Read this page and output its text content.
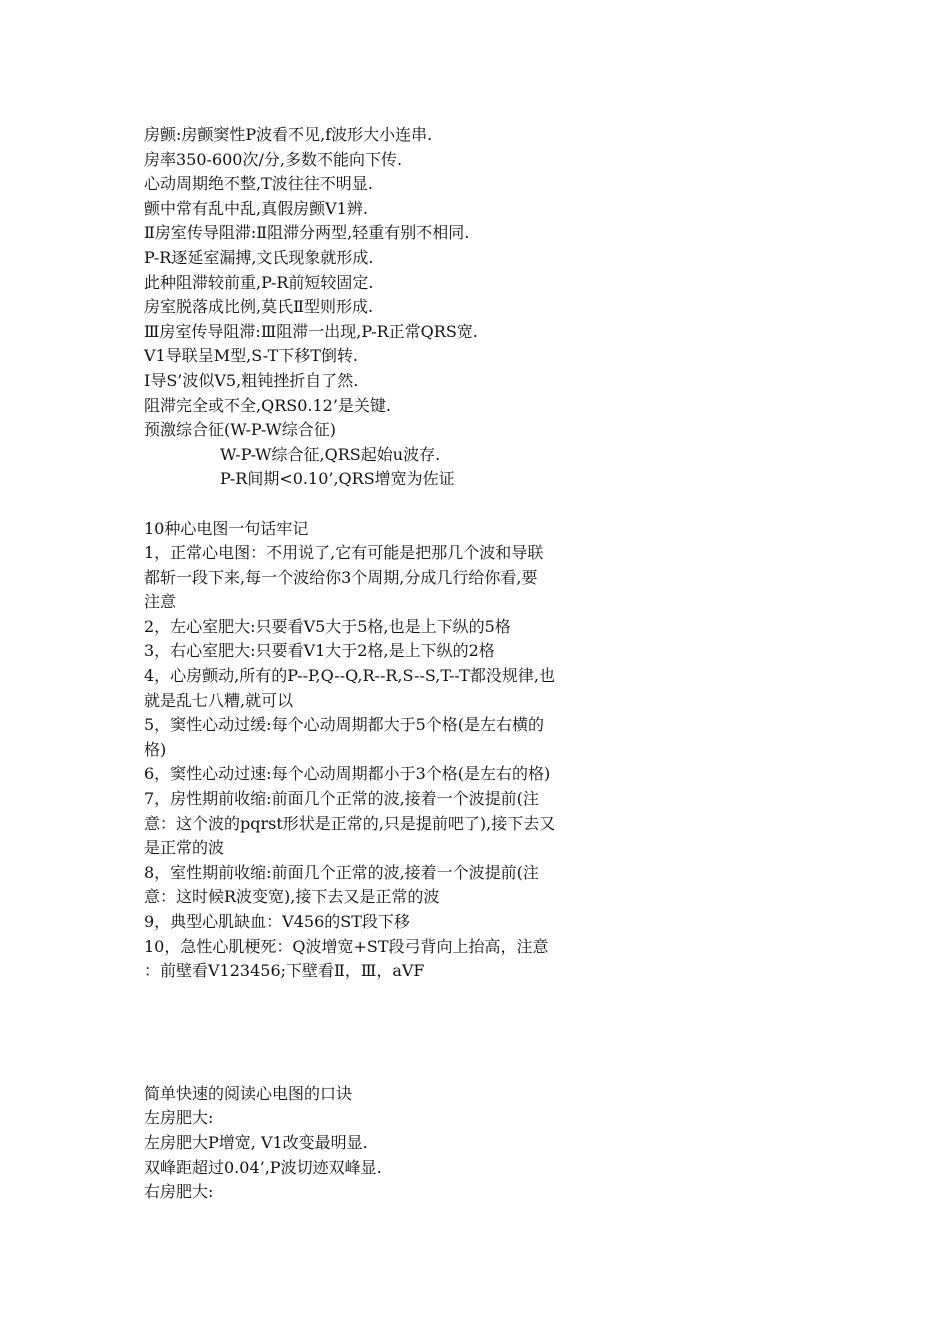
房颤:房颤窦性P波看不见,f波形大小连串.
房率350-600次/分,多数不能向下传.
心动周期绝不整,T波往往不明显.
颤中常有乱中乱,真假房颤V1辨.
Ⅱ房室传导阻滞:Ⅱ阻滞分两型,轻重有别不相同.
P-R逐延室漏搏,文氏现象就形成.
此种阻滞较前重,P-R前短较固定.
房室脱落成比例,莫氏Ⅱ型则形成.
Ⅲ房室传导阻滞:Ⅲ阻滞一出现,P-R正常QRS宽.
V1导联呈M型,S-T下移T倒转.
Ⅰ导S’波似V5,粗钝挫折自了然.
阻滞完全或不全,QRS0.12’是关键.
预激综合征(W-P-W综合征)
W-P-W综合征,QRS起始u波存.
P-R间期<0.10’,QRS增宽为佐证
10种心电图一句话牢记
1，正常心电图：不用说了,它有可能是把那几个波和导联
都斩一段下来,每一个波给你3个周期,分成几行给你看,要
注意
2，左心室肥大:只要看V5大于5格,也是上下纵的5格
3，右心室肥大:只要看V1大于2格,是上下纵的2格
4，心房颤动,所有的P--P,Q--Q,R--R,S--S,T--T都没规律,也
就是乱七八糟,就可以
5，窦性心动过缓:每个心动周期都大于5个格(是左右横的
格)
6，窦性心动过速:每个心动周期都小于3个格(是左右的格)
7，房性期前收缩:前面几个正常的波,接着一个波提前(注
意：这个波的pqrst形状是正常的,只是提前吧了),接下去又
是正常的波
8，室性期前收缩:前面几个正常的波,接着一个波提前(注
意：这时候R波变宽),接下去又是正常的波
9，典型心肌缺血：V456的ST段下移
10，急性心肌梗死：Q波增宽+ST段弓背向上抬高，注意
：前壁看V123456;下壁看Ⅱ，Ⅲ，aVF
简单快速的阅读心电图的口诀
左房肥大:
左房肥大P增宽, V1改变最明显.
双峰距超过0.04’,P波切迹双峰显.
右房肥大:
